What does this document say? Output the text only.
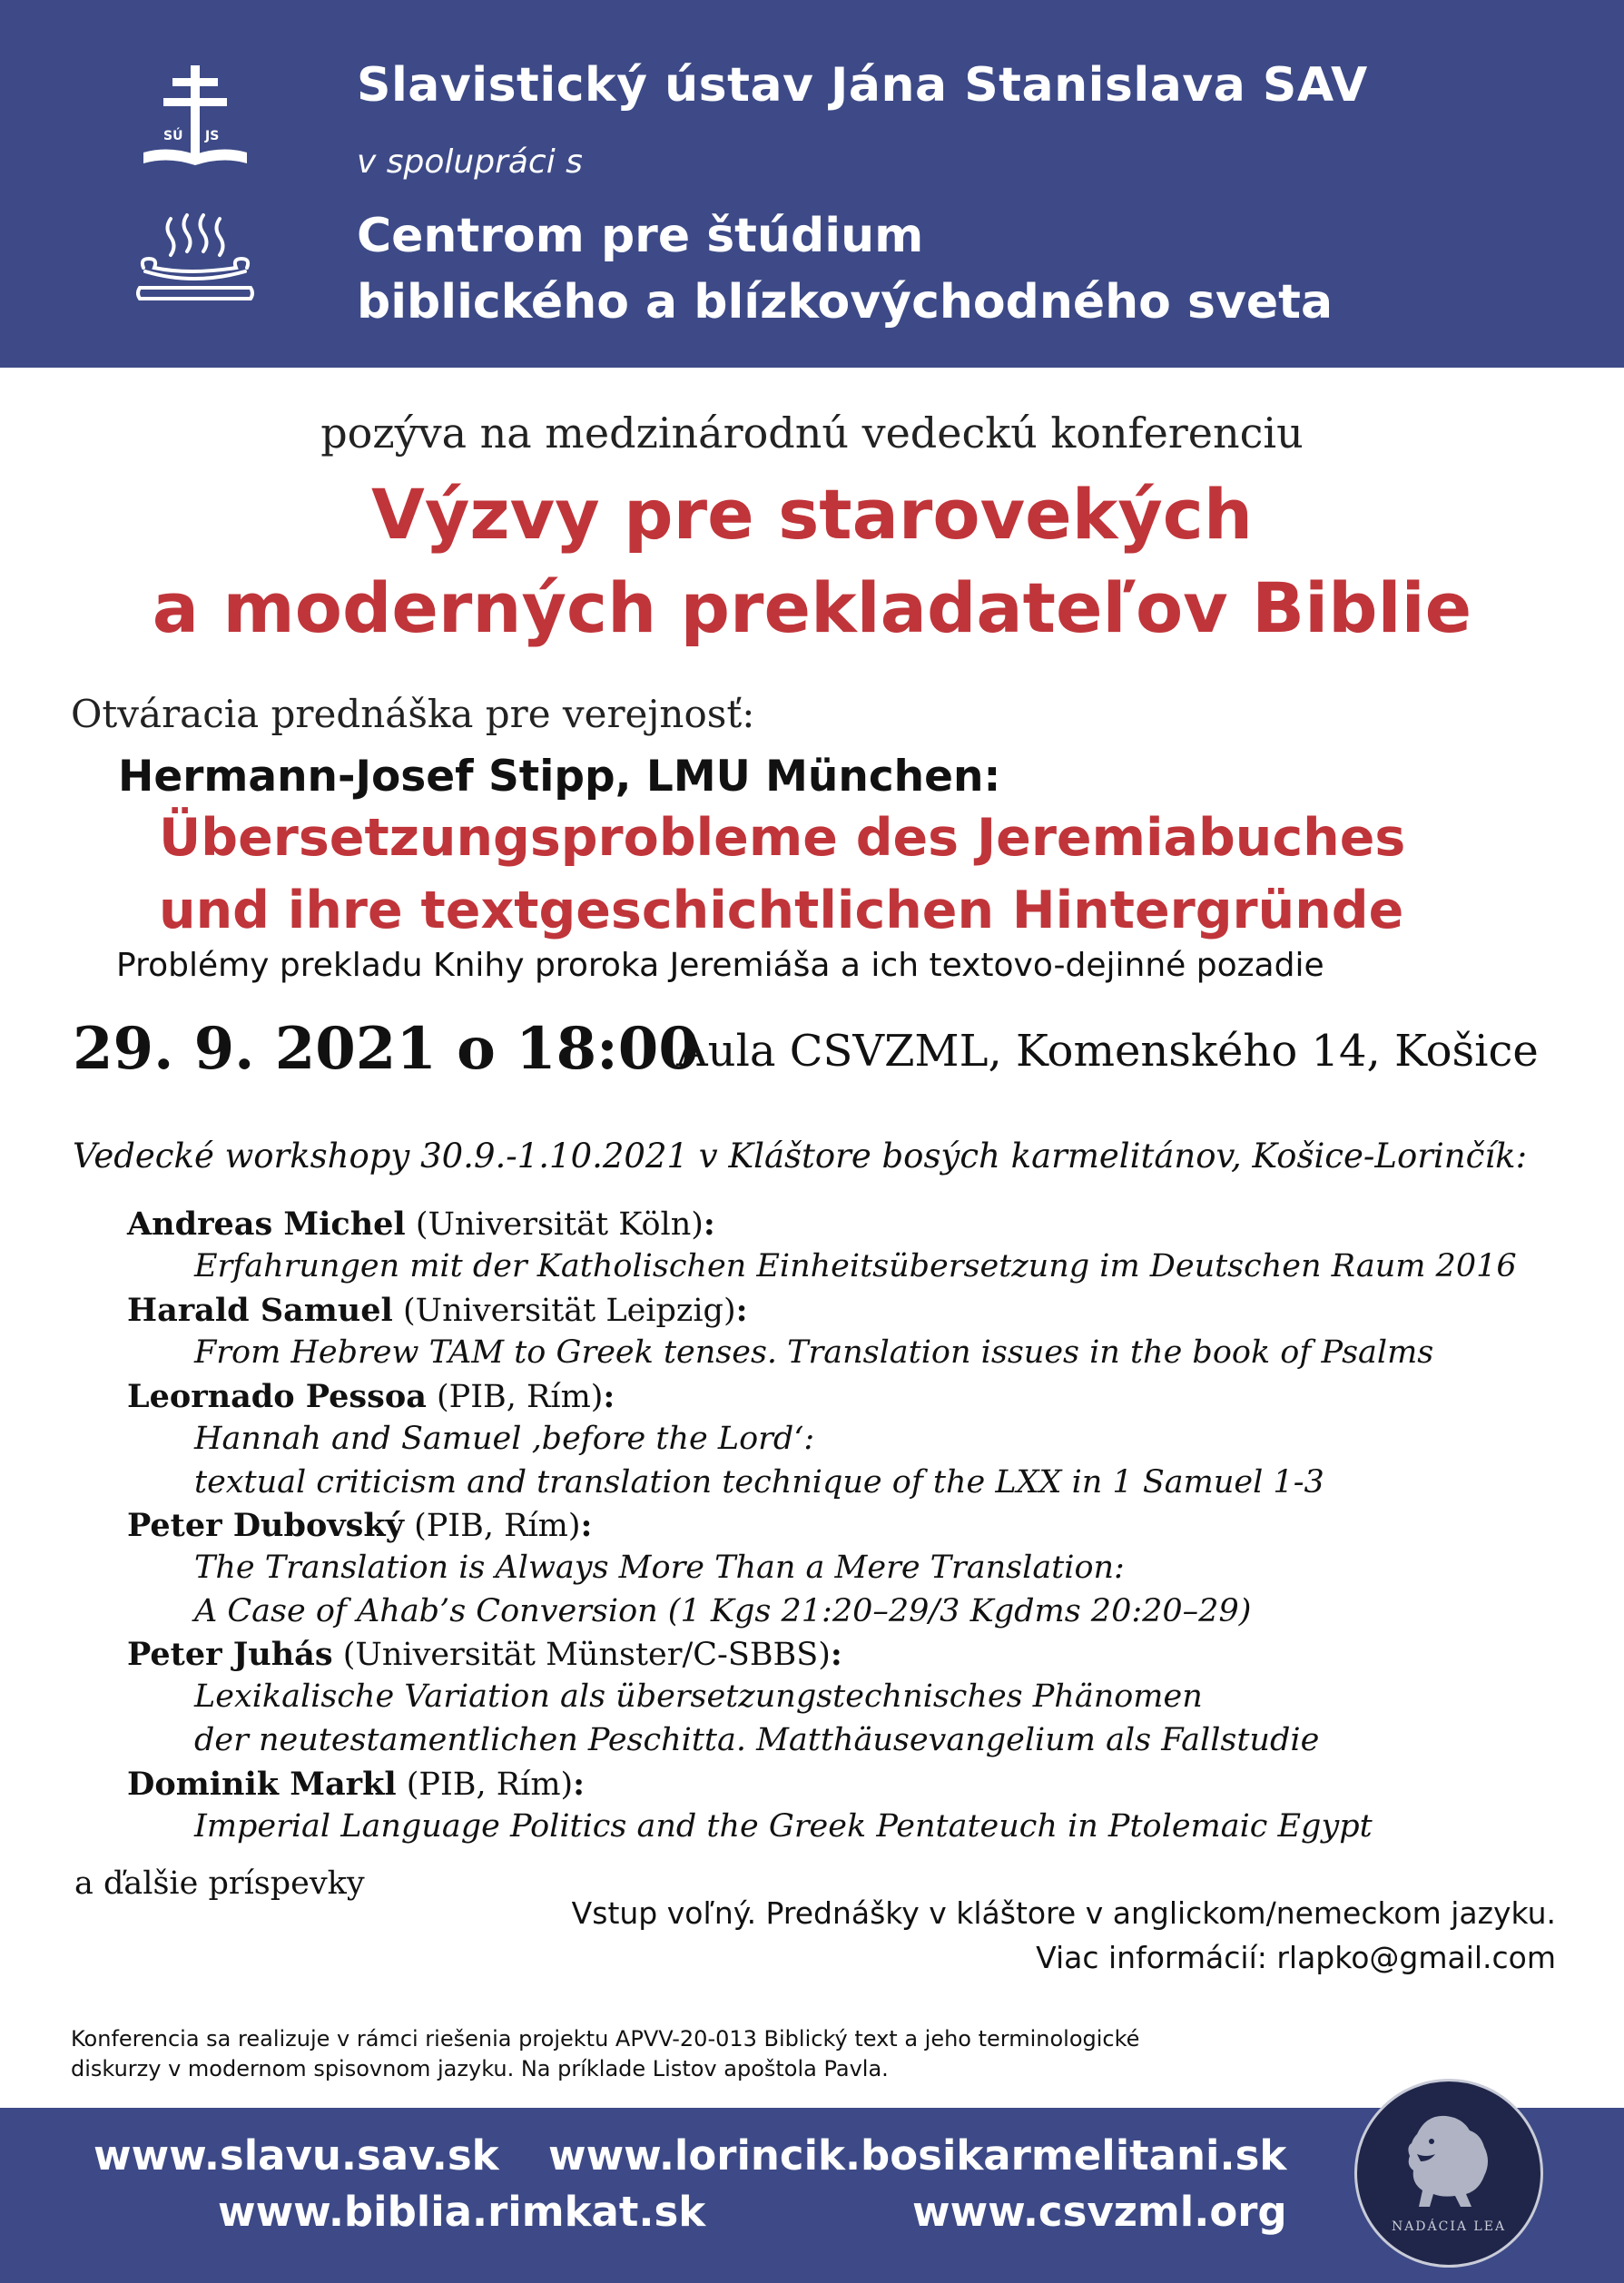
SÚ JS
Slavistický ústav Jána Stanislava SAV
v spolupráci s
Centrom pre štúdium
biblického a blízkovýchodného sveta
pozýva na medzinárodnú vedeckú konferenciu
Výzvy pre starovekých
a moderných prekladateľov Biblie
Otváracia prednáška pre verejnosť:
Hermann-Josef Stipp, LMU München:
Übersetzungsprobleme des Jeremiabuches
und ihre textgeschichtlichen Hintergründe
Problémy prekladu Knihy proroka Jeremiáša a ich textovo-dejinné pozadie
29. 9. 2021 o 18:00
Aula CSVZML, Komenského 14, Košice
Vedecké workshopy 30.9.-1.10.2021 v Kláštore bosých karmelitánov, Košice-Lorinčík:
Andreas Michel (Universität Köln):
Erfahrungen mit der Katholischen Einheitsübersetzung im Deutschen Raum 2016
Harald Samuel (Universität Leipzig):
From Hebrew TAM to Greek tenses. Translation issues in the book of Psalms
Leornado Pessoa (PIB, Rím):
Hannah and Samuel ‚before the Lord‘:
textual criticism and translation technique of the LXX in 1 Samuel 1-3
Peter Dubovský (PIB, Rím):
The Translation is Always More Than a Mere Translation:
A Case of Ahab’s Conversion (1 Kgs 21:20–29/3 Kgdms 20:20–29)
Peter Juhás (Universität Münster/C-SBBS):
Lexikalische Variation als übersetzungstechnisches Phänomen
der neutestamentlichen Peschitta. Matthäusevangelium als Fallstudie
Dominik Markl (PIB, Rím):
Imperial Language Politics and the Greek Pentateuch in Ptolemaic Egypt
a ďalšie príspevky
Vstup voľný. Prednášky v kláštore v anglickom/nemeckom jazyku.
Viac informácií: rlapko@gmail.com
Konferencia sa realizuje v rámci riešenia projektu APVV-20-013 Biblický text a jeho terminologické
diskurzy v modernom spisovnom jazyku. Na príklade Listov apoštola Pavla.
www.slavu.sav.sk www.lorincik.bosikarmelitani.sk
www.biblia.rimkat.sk	www.csvzml.org	NADÁCIA LEA
